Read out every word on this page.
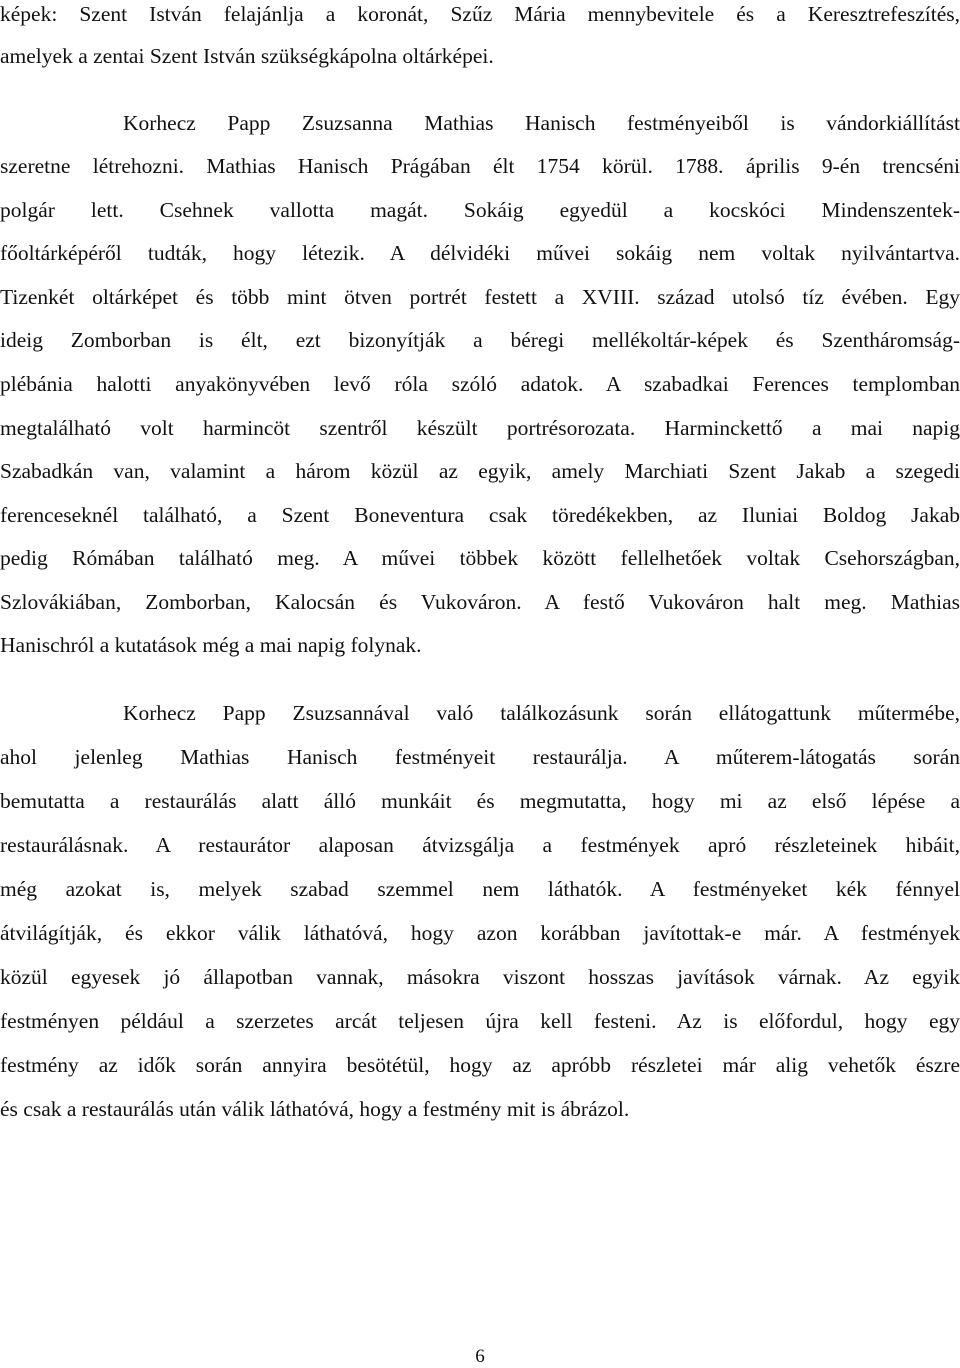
képek: Szent István felajánlja a koronát, Szűz Mária mennybevitele és a Keresztrefeszítés,

amelyek a zentai Szent István szükségkápolna oltárképei.

Korhecz Papp Zsuzsanna Mathias Hanisch festményeiből is vándorkiállítást

szeretne létrehozni. Mathias Hanisch Prágában élt 1754 körül. 1788. április 9-én trencséni

polgár lett. Csehnek vallotta magát. Sokáig egyedül a kocskóci Mindenszentek-

főoltárképéről tudták, hogy létezik. A délvidéki művei sokáig nem voltak nyilvántartva.

Tizenkét oltárképet és több mint ötven portrét festett a XVIII. század utolsó tíz évében. Egy

ideig Zomborban is élt, ezt bizonyítják a béregi mellékoltár-képek és Szentháromság-

plébánia halotti anyakönyvében levő róla szóló adatok. A szabadkai Ferences templomban

megtalálható volt harmincöt szentről készült portrésorozata. Harminckettő a mai napig

Szabadkán van, valamint a három közül az egyik, amely Marchiati Szent Jakab a szegedi

ferenceseknél található, a Szent Boneventura csak töredékekben, az Iluniai Boldog Jakab

pedig Rómában található meg. A művei többek között fellelhetőek voltak Csehországban,

Szlovákiában, Zomborban, Kalocsán és Vukováron. A festő Vukováron halt meg. Mathias

Hanischról a kutatások még a mai napig folynak.

Korhecz Papp Zsuzsannával való találkozásunk során ellátogattunk műtermébe,

ahol jelenleg Mathias Hanisch festményeit restaurálja. A műterem-látogatás során

bemutatta a restaurálás alatt álló munkáit és megmutatta, hogy mi az első lépése a

restaurálásnak. A restaurátor alaposan átvizsgálja a festmények apró részleteinek hibáit,

még azokat is, melyek szabad szemmel nem láthatók. A festményeket kék fénnyel

átvilágítják, és ekkor válik láthatóvá, hogy azon korábban javítottak-e már. A festmények

közül egyesek jó állapotban vannak, másokra viszont hosszas javítások várnak. Az egyik

festményen például a szerzetes arcát teljesen újra kell festeni. Az is előfordul, hogy egy

festmény az idők során annyira besötétül, hogy az apróbb részletei már alig vehetők észre

és csak a restaurálás után válik láthatóvá, hogy a festmény mit is ábrázol.

6
